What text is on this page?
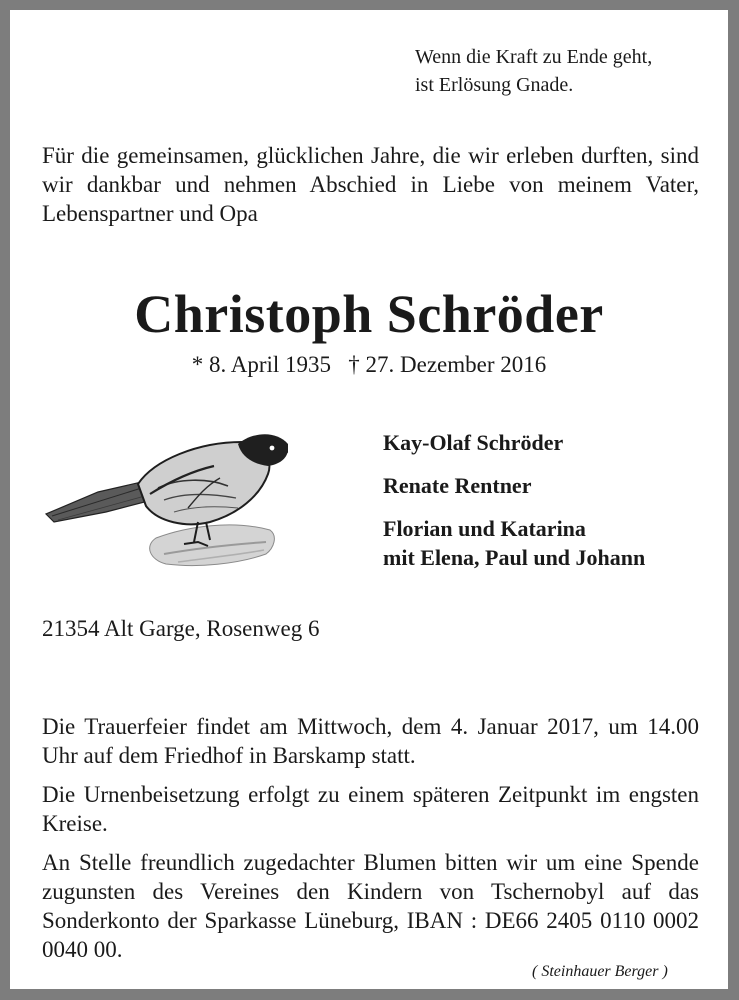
Wenn die Kraft zu Ende geht,
ist Erlösung Gnade.
Für die gemeinsamen, glücklichen Jahre, die wir erleben durften, sind wir dankbar und nehmen Abschied in Liebe von meinem Vater, Lebenspartner und Opa
Christoph Schröder
* 8. April 1935   † 27. Dezember 2016
Kay-Olaf Schröder
Renate Rentner
Florian und Katarina
mit Elena, Paul und Johann
21354 Alt Garge, Rosenweg 6
Die Trauerfeier findet am Mittwoch, dem 4. Januar 2017, um 14.00 Uhr auf dem Friedhof in Barskamp statt.
Die Urnenbeisetzung erfolgt zu einem späteren Zeitpunkt im engsten Kreise.
An Stelle freundlich zugedachter Blumen bitten wir um eine Spende zugunsten des Vereines den Kindern von Tschernobyl auf das Sonderkonto der Sparkasse Lüneburg, IBAN : DE66 2405 0110 0002 0040 00.
( Steinhauer Berger )
